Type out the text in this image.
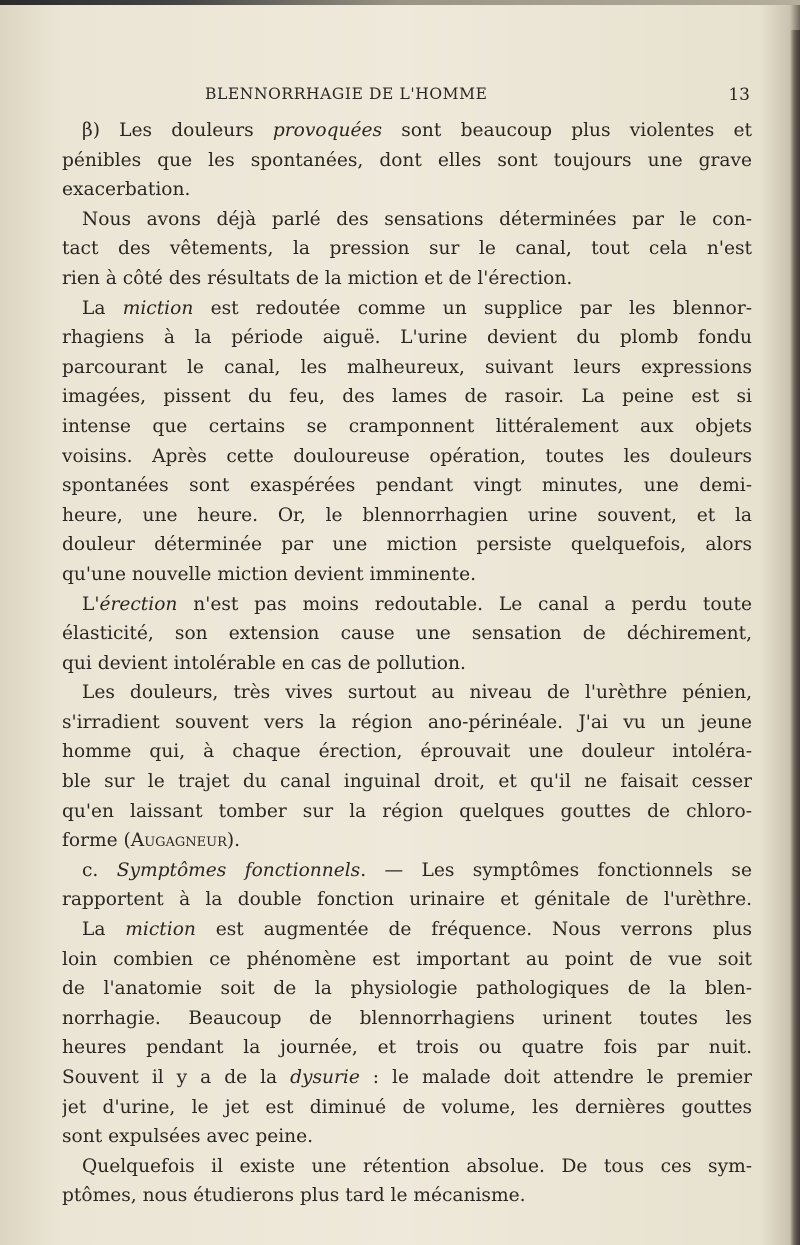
BLENNORRHAGIE DE L'HOMME	13
β) Les douleurs provoquées sont beaucoup plus violentes et
pénibles que les spontanées, dont elles sont toujours une grave
exacerbation.
Nous avons déjà parlé des sensations déterminées par le con-
tact des vêtements, la pression sur le canal, tout cela n'est
rien à côté des résultats de la miction et de l'érection.
La miction est redoutée comme un supplice par les blennor-
rhagiens à la période aiguë. L'urine devient du plomb fondu
parcourant le canal, les malheureux, suivant leurs expressions
imagées, pissent du feu, des lames de rasoir. La peine est si
intense que certains se cramponnent littéralement aux objets
voisins. Après cette douloureuse opération, toutes les douleurs
spontanées sont exaspérées pendant vingt minutes, une demi-
heure, une heure. Or, le blennorrhagien urine souvent, et la
douleur déterminée par une miction persiste quelquefois, alors
qu'une nouvelle miction devient imminente.
L'érection n'est pas moins redoutable. Le canal a perdu toute
élasticité, son extension cause une sensation de déchirement,
qui devient intolérable en cas de pollution.
Les douleurs, très vives surtout au niveau de l'urèthre pénien,
s'irradient souvent vers la région ano-périnéale. J'ai vu un jeune
homme qui, à chaque érection, éprouvait une douleur intoléra-
ble sur le trajet du canal inguinal droit, et qu'il ne faisait cesser
qu'en laissant tomber sur la région quelques gouttes de chloro-
forme (Augagneur).
c. Symptômes fonctionnels. — Les symptômes fonctionnels se
rapportent à la double fonction urinaire et génitale de l'urèthre.
La miction est augmentée de fréquence. Nous verrons plus
loin combien ce phénomène est important au point de vue soit
de l'anatomie soit de la physiologie pathologiques de la blen-
norrhagie. Beaucoup de blennorrhagiens urinent toutes les
heures pendant la journée, et trois ou quatre fois par nuit.
Souvent il y a de la dysurie : le malade doit attendre le premier
jet d'urine, le jet est diminué de volume, les dernières gouttes
sont expulsées avec peine.
Quelquefois il existe une rétention absolue. De tous ces sym-
ptômes, nous étudierons plus tard le mécanisme.
